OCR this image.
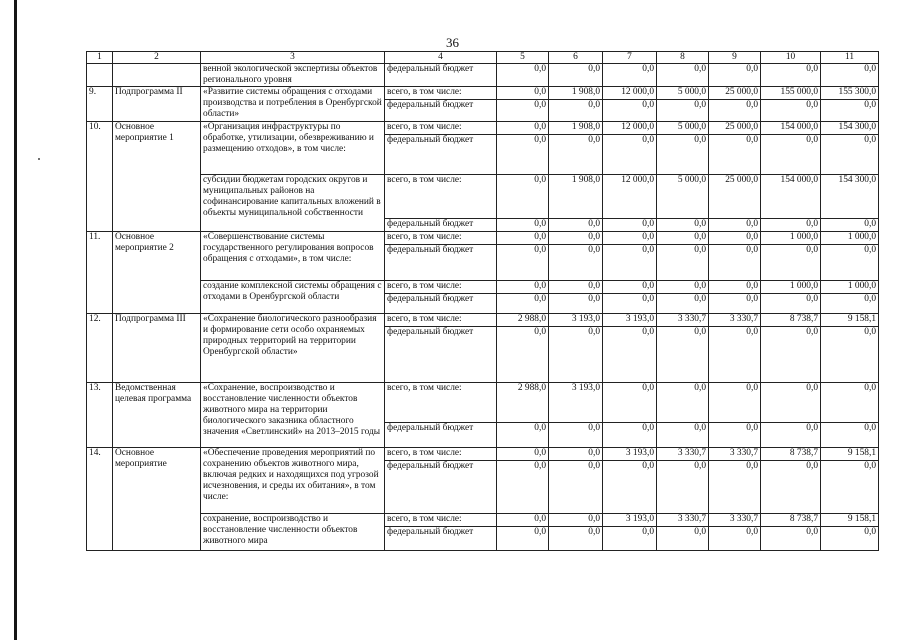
36
1	2	3	4	5	6	7	8	9	10	11
		венной экологической экспертизы объектов регионального уровня	федеральный бюджет	0,0	0,0	0,0	0,0	0,0	0,0	0,0
9.	Подпрограмма II	«Развитие системы обращения с отходами производства и потребления в Оренбургской области»	всего, в том числе:	0,0	1 908,0	12 000,0	5 000,0	25 000,0	155 000,0	155 300,0
			федеральный бюджет	0,0	0,0	0,0	0,0	0,0	0,0	0,0
10.	Основное мероприятие 1	«Организация инфраструктуры по обработке, утилизации, обезвреживанию и размещению отходов», в том числе:	всего, в том числе:	0,0	1 908,0	12 000,0	5 000,0	25 000,0	154 000,0	154 300,0
			федеральный бюджет	0,0	0,0	0,0	0,0	0,0	0,0	0,0
		субсидии бюджетам городских округов и муниципальных районов на софинансирование капитальных вложений в объекты муниципальной собственности	всего, в том числе:	0,0	1 908,0	12 000,0	5 000,0	25 000,0	154 000,0	154 300,0
			федеральный бюджет	0,0	0,0	0,0	0,0	0,0	0,0	0,0
11.	Основное мероприятие 2	«Совершенствование системы государственного регулирования вопросов обращения с отходами», в том числе:	всего, в том числе:	0,0	0,0	0,0	0,0	0,0	1 000,0	1 000,0
			федеральный бюджет	0,0	0,0	0,0	0,0	0,0	0,0	0,0
		создание комплексной системы обращения с отходами в Оренбургской области	всего, в том числе:	0,0	0,0	0,0	0,0	0,0	1 000,0	1 000,0
			федеральный бюджет	0,0	0,0	0,0	0,0	0,0	0,0	0,0
12.	Подпрограмма III	«Сохранение биологического разнообразия и формирование сети особо охраняемых природных территорий на территории Оренбургской области»	всего, в том числе:	2 988,0	3 193,0	3 193,0	3 330,7	3 330,7	8 738,7	9 158,1
			федеральный бюджет	0,0	0,0	0,0	0,0	0,0	0,0	0,0
13.	Ведомственная целевая программа	«Сохранение, воспроизводство и восстановление численности объектов животного мира на территории биологического заказника областного значения «Светлинский» на 2013–2015 годы	всего, в том числе:	2 988,0	3 193,0	0,0	0,0	0,0	0,0	0,0
			федеральный бюджет	0,0	0,0	0,0	0,0	0,0	0,0	0,0
14.	Основное мероприятие	«Обеспечение проведения мероприятий по сохранению объектов животного мира, включая редких и находящихся под угрозой исчезновения, и среды их обитания», в том числе:	всего, в том числе:	0,0	0,0	3 193,0	3 330,7	3 330,7	8 738,7	9 158,1
			федеральный бюджет	0,0	0,0	0,0	0,0	0,0	0,0	0,0
		сохранение, воспроизводство и восстановление численности объектов животного мира	всего, в том числе:	0,0	0,0	3 193,0	3 330,7	3 330,7	8 738,7	9 158,1
			федеральный бюджет	0,0	0,0	0,0	0,0	0,0	0,0	0,0
